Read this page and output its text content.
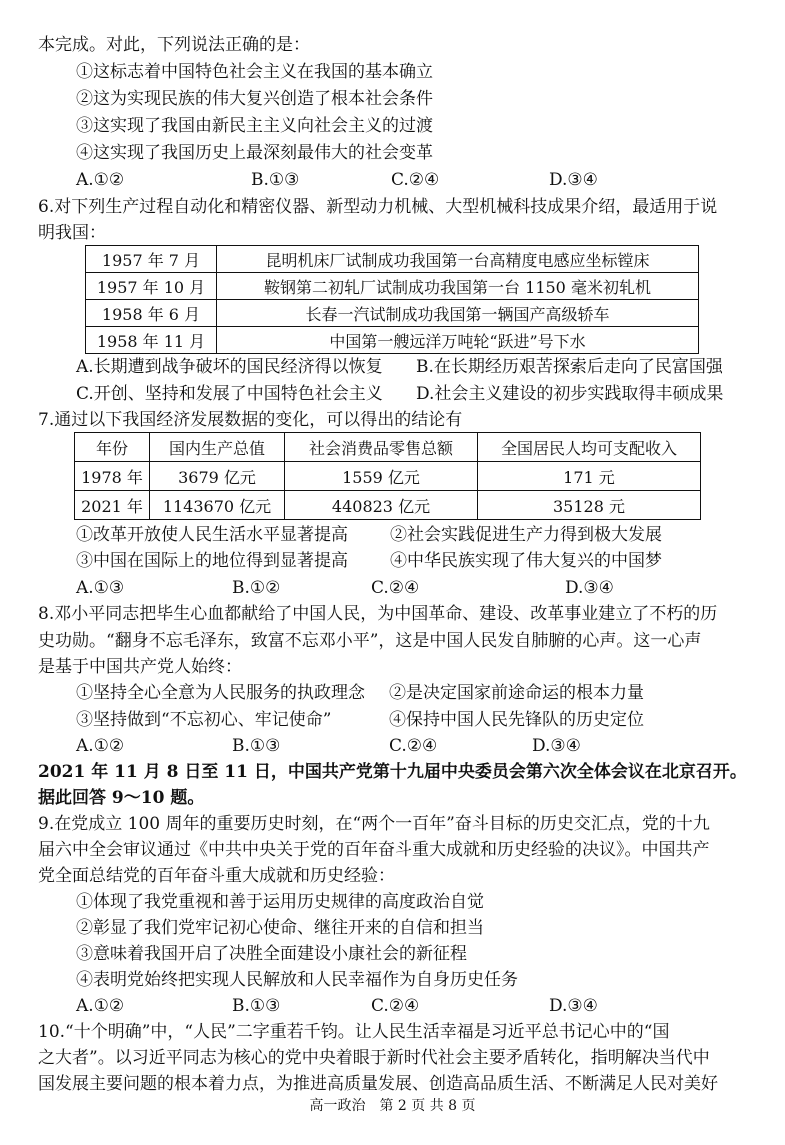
本完成。对此，下列说法正确的是：
①这标志着中国特色社会主义在我国的基本确立
②这为实现民族的伟大复兴创造了根本社会条件
③这实现了我国由新民主主义向社会主义的过渡
④这实现了我国历史上最深刻最伟大的社会变革
A.①②	B.①③	C.②④	D.③④
6.对下列生产过程自动化和精密仪器、新型动力机械、大型机械科技成果介绍，最适用于说
明我国：
1957 年 7 月	昆明机床厂试制成功我国第一台高精度电感应坐标镗床
1957 年 10 月	鞍钢第二初轧厂试制成功我国第一台 1150 毫米初轧机
1958 年 6 月	长春一汽试制成功我国第一辆国产高级轿车
1958 年 11 月	中国第一艘远洋万吨轮“跃进”号下水
A.长期遭到战争破坏的国民经济得以恢复 B.在长期经历艰苦探索后走向了民富国强
C.开创、坚持和发展了中国特色社会主义 D.社会主义建设的初步实践取得丰硕成果
7.通过以下我国经济发展数据的变化，可以得出的结论有
年份	国内生产总值	社会消费品零售总额	全国居民人均可支配收入
1978 年	3679 亿元	1559 亿元	171 元
2021 年	1143670 亿元	440823 亿元	35128 元
①改革开放使人民生活水平显著提高 ②社会实践促进生产力得到极大发展
③中国在国际上的地位得到显著提高 ④中华民族实现了伟大复兴的中国梦
A.①③	B.①②	C.②④	D.③④
8.邓小平同志把毕生心血都献给了中国人民，为中国革命、建设、改革事业建立了不朽的历
史功勋。“翻身不忘毛泽东，致富不忘邓小平”，这是中国人民发自肺腑的心声。这一心声
是基于中国共产党人始终：
①坚持全心全意为人民服务的执政理念 ②是决定国家前途命运的根本力量
③坚持做到“不忘初心、牢记使命”	④保持中国人民先锋队的历史定位
A.①②	B.①③	C.②④	D.③④
2021 年 11 月 8 日至 11 日，中国共产党第十九届中央委员会第六次全体会议在北京召开。
据此回答 9～10 题。
9.在党成立 100 周年的重要历史时刻，在“两个一百年”奋斗目标的历史交汇点，党的十九
届六中全会审议通过《中共中央关于党的百年奋斗重大成就和历史经验的决议》。中国共产
党全面总结党的百年奋斗重大成就和历史经验：
①体现了我党重视和善于运用历史规律的高度政治自觉
②彰显了我们党牢记初心使命、继往开来的自信和担当
③意味着我国开启了决胜全面建设小康社会的新征程
④表明党始终把实现人民解放和人民幸福作为自身历史任务
A.①②	B.①③	C.②④	D.③④
10.“十个明确”中，“人民”二字重若千钧。让人民生活幸福是习近平总书记心中的“国
之大者”。以习近平同志为核心的党中央着眼于新时代社会主要矛盾转化，指明解决当代中
国发展主要问题的根本着力点，为推进高质量发展、创造高品质生活、不断满足人民对美好
高一政治　第 2 页 共 8 页
